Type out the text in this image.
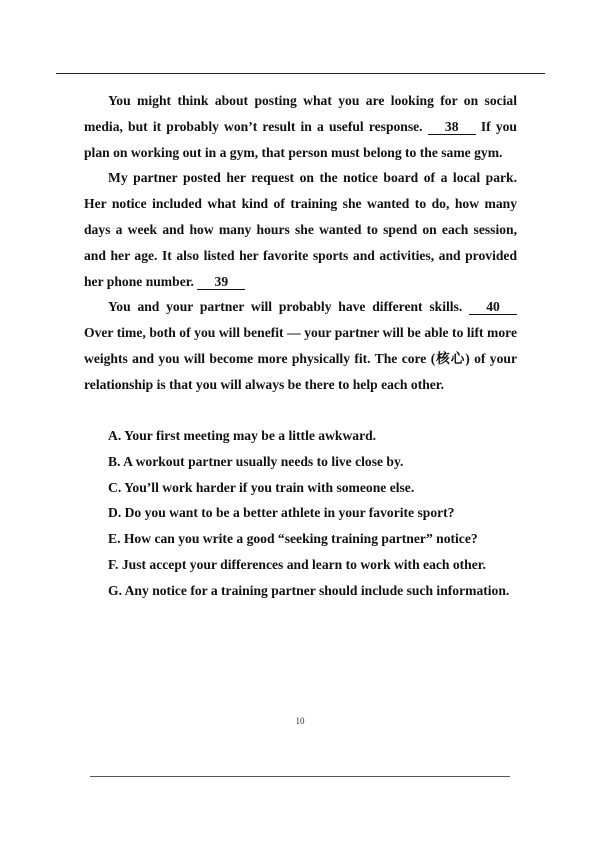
You might think about posting what you are looking for on social media, but it probably won’t result in a useful response. 38 If you plan on working out in a gym, that person must belong to the same gym.

My partner posted her request on the notice board of a local park. Her notice included what kind of training she wanted to do, how many days a week and how many hours she wanted to spend on each session, and her age. It also listed her favorite sports and activities, and provided her phone number. 39

You and your partner will probably have different skills. 40 Over time, both of you will benefit — your partner will be able to lift more weights and you will become more physically fit. The core (核心) of your relationship is that you will always be there to help each other.

A. Your first meeting may be a little awkward.

B. A workout partner usually needs to live close by.

C. You’ll work harder if you train with someone else.

D. Do you want to be a better athlete in your favorite sport?

E. How can you write a good “seeking training partner” notice?

F. Just accept your differences and learn to work with each other.

G. Any notice for a training partner should include such information.

10
